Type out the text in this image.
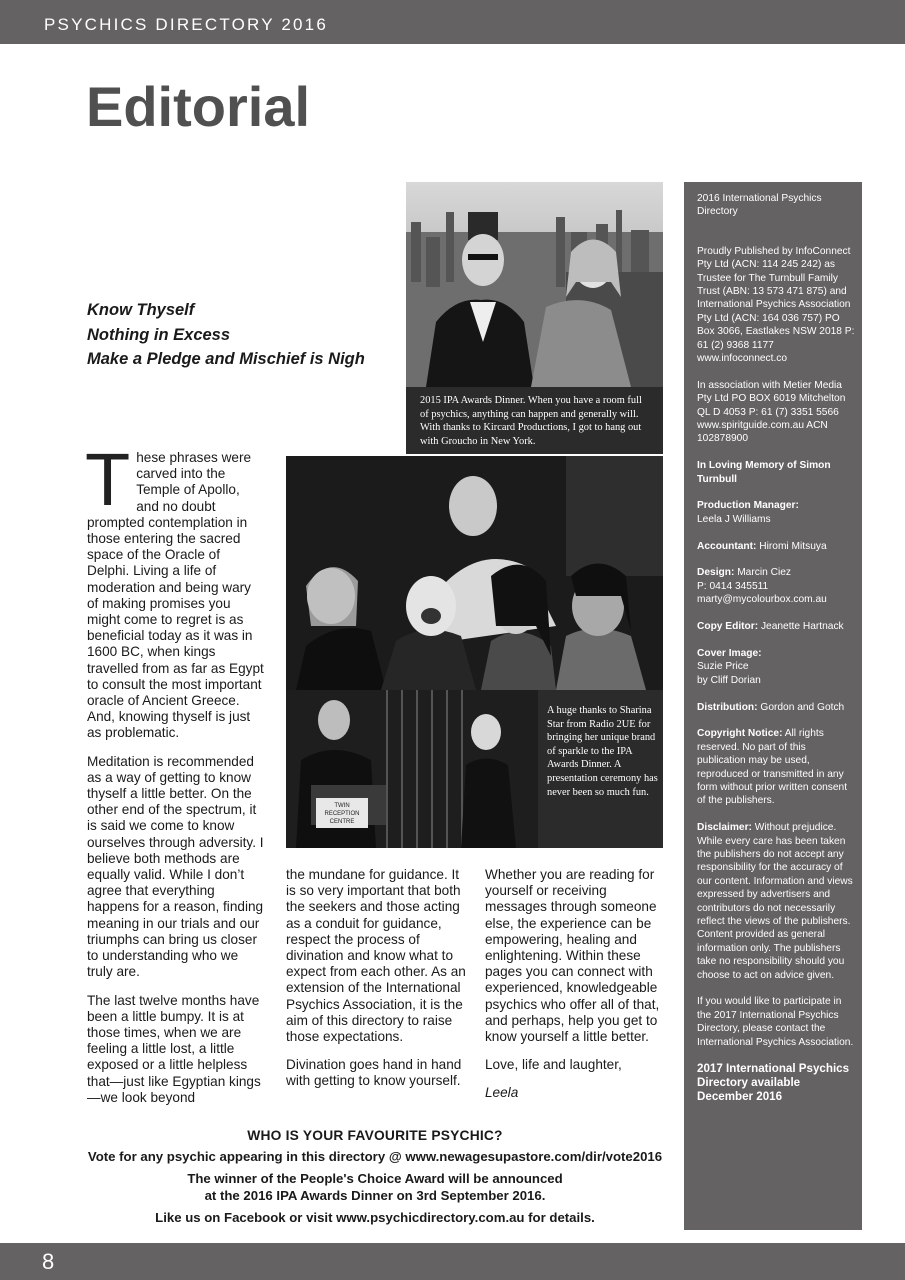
PSYCHICS DIRECTORY 2016
Editorial
Know Thyself
Nothing in Excess
Make a Pledge and Mischief is Nigh
2015 IPA Awards Dinner. When you have a room full of psychics, anything can happen and generally will. With thanks to Kircard Productions, I got to hang out with Groucho in New York.
TWIN
RECEPTION
CENTRE
A huge thanks to Sharina Star from Radio 2UE for bringing her unique brand of sparkle to the IPA Awards Dinner. A presentation ceremony has never been so much fun.

These phrases were carved into the Temple of Apollo, and no doubt prompted contemplation in those entering the sacred space of the Oracle of Delphi. Living a life of moderation and being wary of making promises you might come to regret is as beneficial today as it was in 1600 BC, when kings travelled from as far as Egypt to consult the most important oracle of Ancient Greece. And, knowing thyself is just as problematic.

Meditation is recommended as a way of getting to know thyself a little better. On the other end of the spectrum, it is said we come to know ourselves through adversity. I believe both methods are equally valid. While I don’t agree that everything happens for a reason, finding meaning in our trials and our triumphs can bring us closer to understanding who we truly are.

The last twelve months have been a little bumpy. It is at those times, when we are feeling a little lost, a little exposed or a little helpless that—just like Egyptian kings—we look beyond

the mundane for guidance. It is so very important that both the seekers and those acting as a conduit for guidance, respect the process of divination and know what to expect from each other. As an extension of the International Psychics Association, it is the aim of this directory to raise those expectations.

Divination goes hand in hand with getting to know yourself.

Whether you are reading for yourself or receiving messages through someone else, the experience can be empowering, healing and enlightening. Within these pages you can connect with experienced, knowledgeable psychics who offer all of that, and perhaps, help you get to know yourself a little better.

Love, life and laughter,

Leela

2016 International Psychics Directory
Proudly Published by InfoConnect Pty Ltd (ACN: 114 245 242) as Trustee for The Turnbull Family Trust (ABN: 13 573 471 875) and International Psychics Association Pty Ltd (ACN: 164 036 757) PO Box 3066, Eastlakes NSW 2018 P: 61 (2) 9368 1177 www.infoconnect.co
In association with Metier Media Pty Ltd PO BOX 6019 Mitchelton QL D 4053 P: 61 (7) 3351 5566 www.spiritguide.com.au ACN 102878900
In Loving Memory of Simon Turnbull
Production Manager:
Leela J Williams
Accountant: Hiromi Mitsuya
Design: Marcin Ciez
P: 0414 345511
marty@mycolourbox.com.au
Copy Editor: Jeanette Hartnack
Cover Image:
Suzie Price
by Cliff Dorian
Distribution: Gordon and Gotch
Copyright Notice: All rights reserved. No part of this publication may be used, reproduced or transmitted in any form without prior written consent of the publishers.
Disclaimer: Without prejudice. While every care has been taken the publishers do not accept any responsibility for the accuracy of our content. Information and views expressed by advertisers and contributors do not necessarily reflect the views of the publishers.
Content provided as general information only. The publishers take no responsibility should you choose to act on advice given.
If you would like to participate in the 2017 International Psychics Directory, please contact the International Psychics Association.
2017 International Psychics Directory available December 2016
WHO IS YOUR FAVOURITE PSYCHIC?
Vote for any psychic appearing in this directory @ www.newagesupastore.com/dir/vote2016
The winner of the People's Choice Award will be announced
at the 2016 IPA Awards Dinner on 3rd September 2016.
Like us on Facebook or visit www.psychicdirectory.com.au for details.
8
